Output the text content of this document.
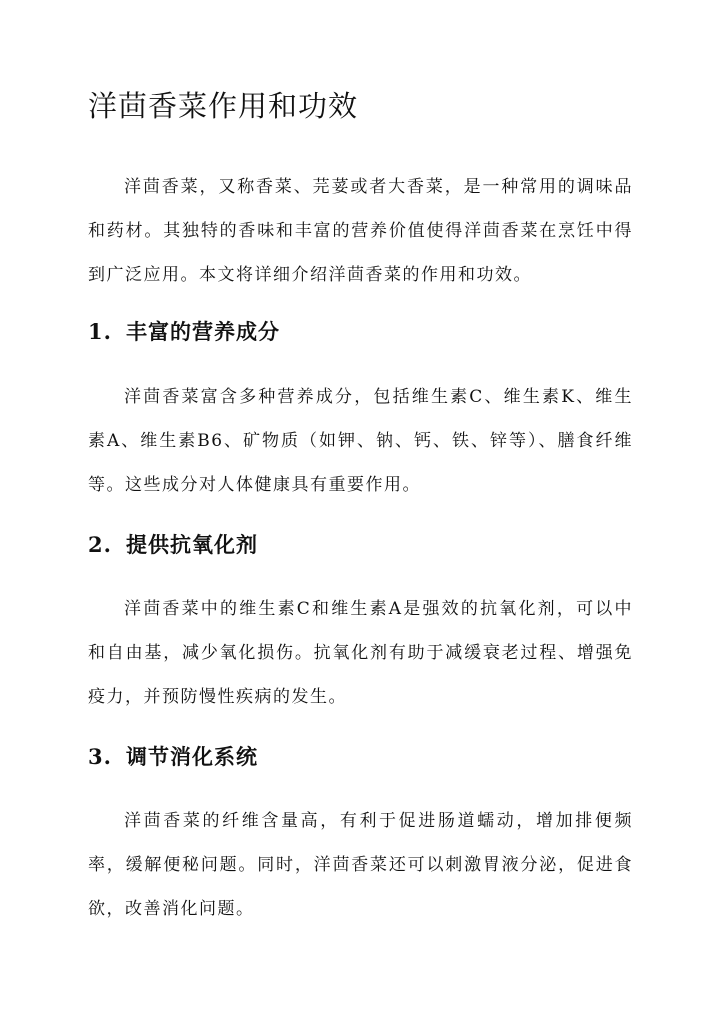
洋茴香菜作用和功效

洋茴香菜，又称香菜、芫荽或者大香菜，是一种常用的调味品和药材。其独特的香味和丰富的营养价值使得洋茴香菜在烹饪中得到广泛应用。本文将详细介绍洋茴香菜的作用和功效。

1. 丰富的营养成分

洋茴香菜富含多种营养成分，包括维生素C、维生素K、维生素A、维生素B6、矿物质（如钾、钠、钙、铁、锌等）、膳食纤维等。这些成分对人体健康具有重要作用。

2. 提供抗氧化剂

洋茴香菜中的维生素C和维生素A是强效的抗氧化剂，可以中和自由基，减少氧化损伤。抗氧化剂有助于减缓衰老过程、增强免疫力，并预防慢性疾病的发生。

3. 调节消化系统

洋茴香菜的纤维含量高，有利于促进肠道蠕动，增加排便频率，缓解便秘问题。同时，洋茴香菜还可以刺激胃液分泌，促进食欲，改善消化问题。
